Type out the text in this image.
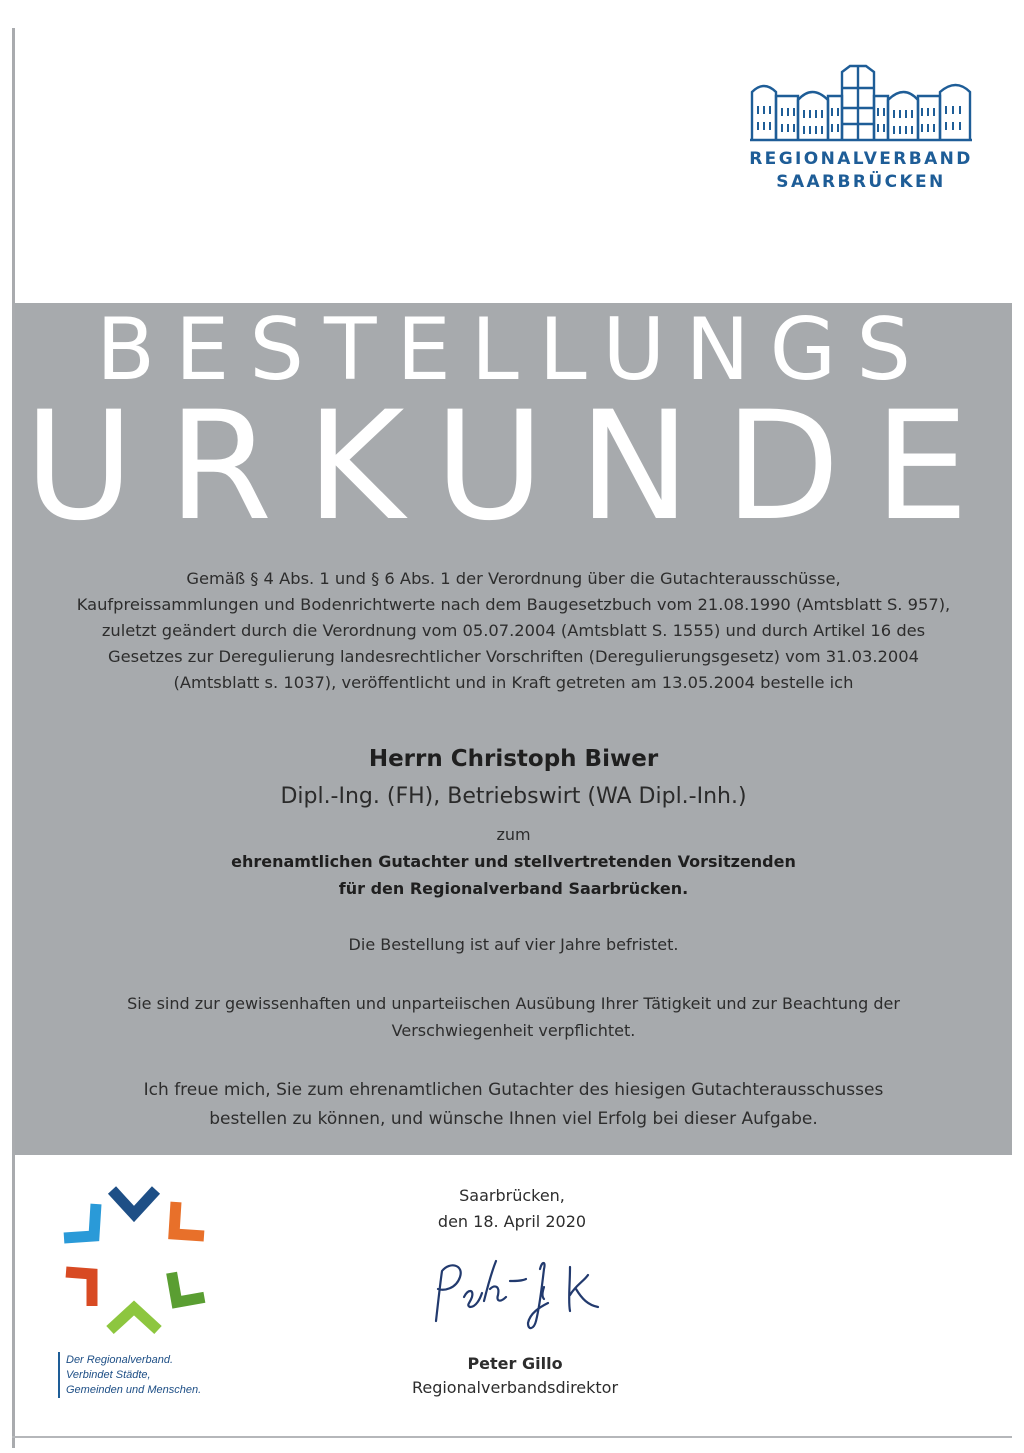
REGIONALVERBAND
SAARBRÜCKEN
BESTELLUNGS
URKUNDE
Gemäß § 4 Abs. 1 und § 6 Abs. 1 der Verordnung über die Gutachterausschüsse,
Kaufpreissammlungen und Bodenrichtwerte nach dem Baugesetzbuch vom 21.08.1990 (Amtsblatt S. 957),
zuletzt geändert durch die Verordnung vom 05.07.2004 (Amtsblatt S. 1555) und durch Artikel 16 des
Gesetzes zur Deregulierung landesrechtlicher Vorschriften (Deregulierungsgesetz) vom 31.03.2004
(Amtsblatt s. 1037), veröffentlicht und in Kraft getreten am 13.05.2004 bestelle ich
Herrn Christoph Biwer
Dipl.-Ing. (FH), Betriebswirt (WA Dipl.-Inh.)
zum
ehrenamtlichen Gutachter und stellvertretenden Vorsitzenden
für den Regionalverband Saarbrücken.
Die Bestellung ist auf vier Jahre befristet.
Sie sind zur gewissenhaften und unparteiischen Ausübung Ihrer Tätigkeit und zur Beachtung der
Verschwiegenheit verpflichtet.
Ich freue mich, Sie zum ehrenamtlichen Gutachter des hiesigen Gutachterausschusses
bestellen zu können, und wünsche Ihnen viel Erfolg bei dieser Aufgabe.
Saarbrücken,
den 18. April 2020
Peter Gillo
Regionalverbandsdirektor
Der Regionalverband.
Verbindet Städte,
Gemeinden und Menschen.
